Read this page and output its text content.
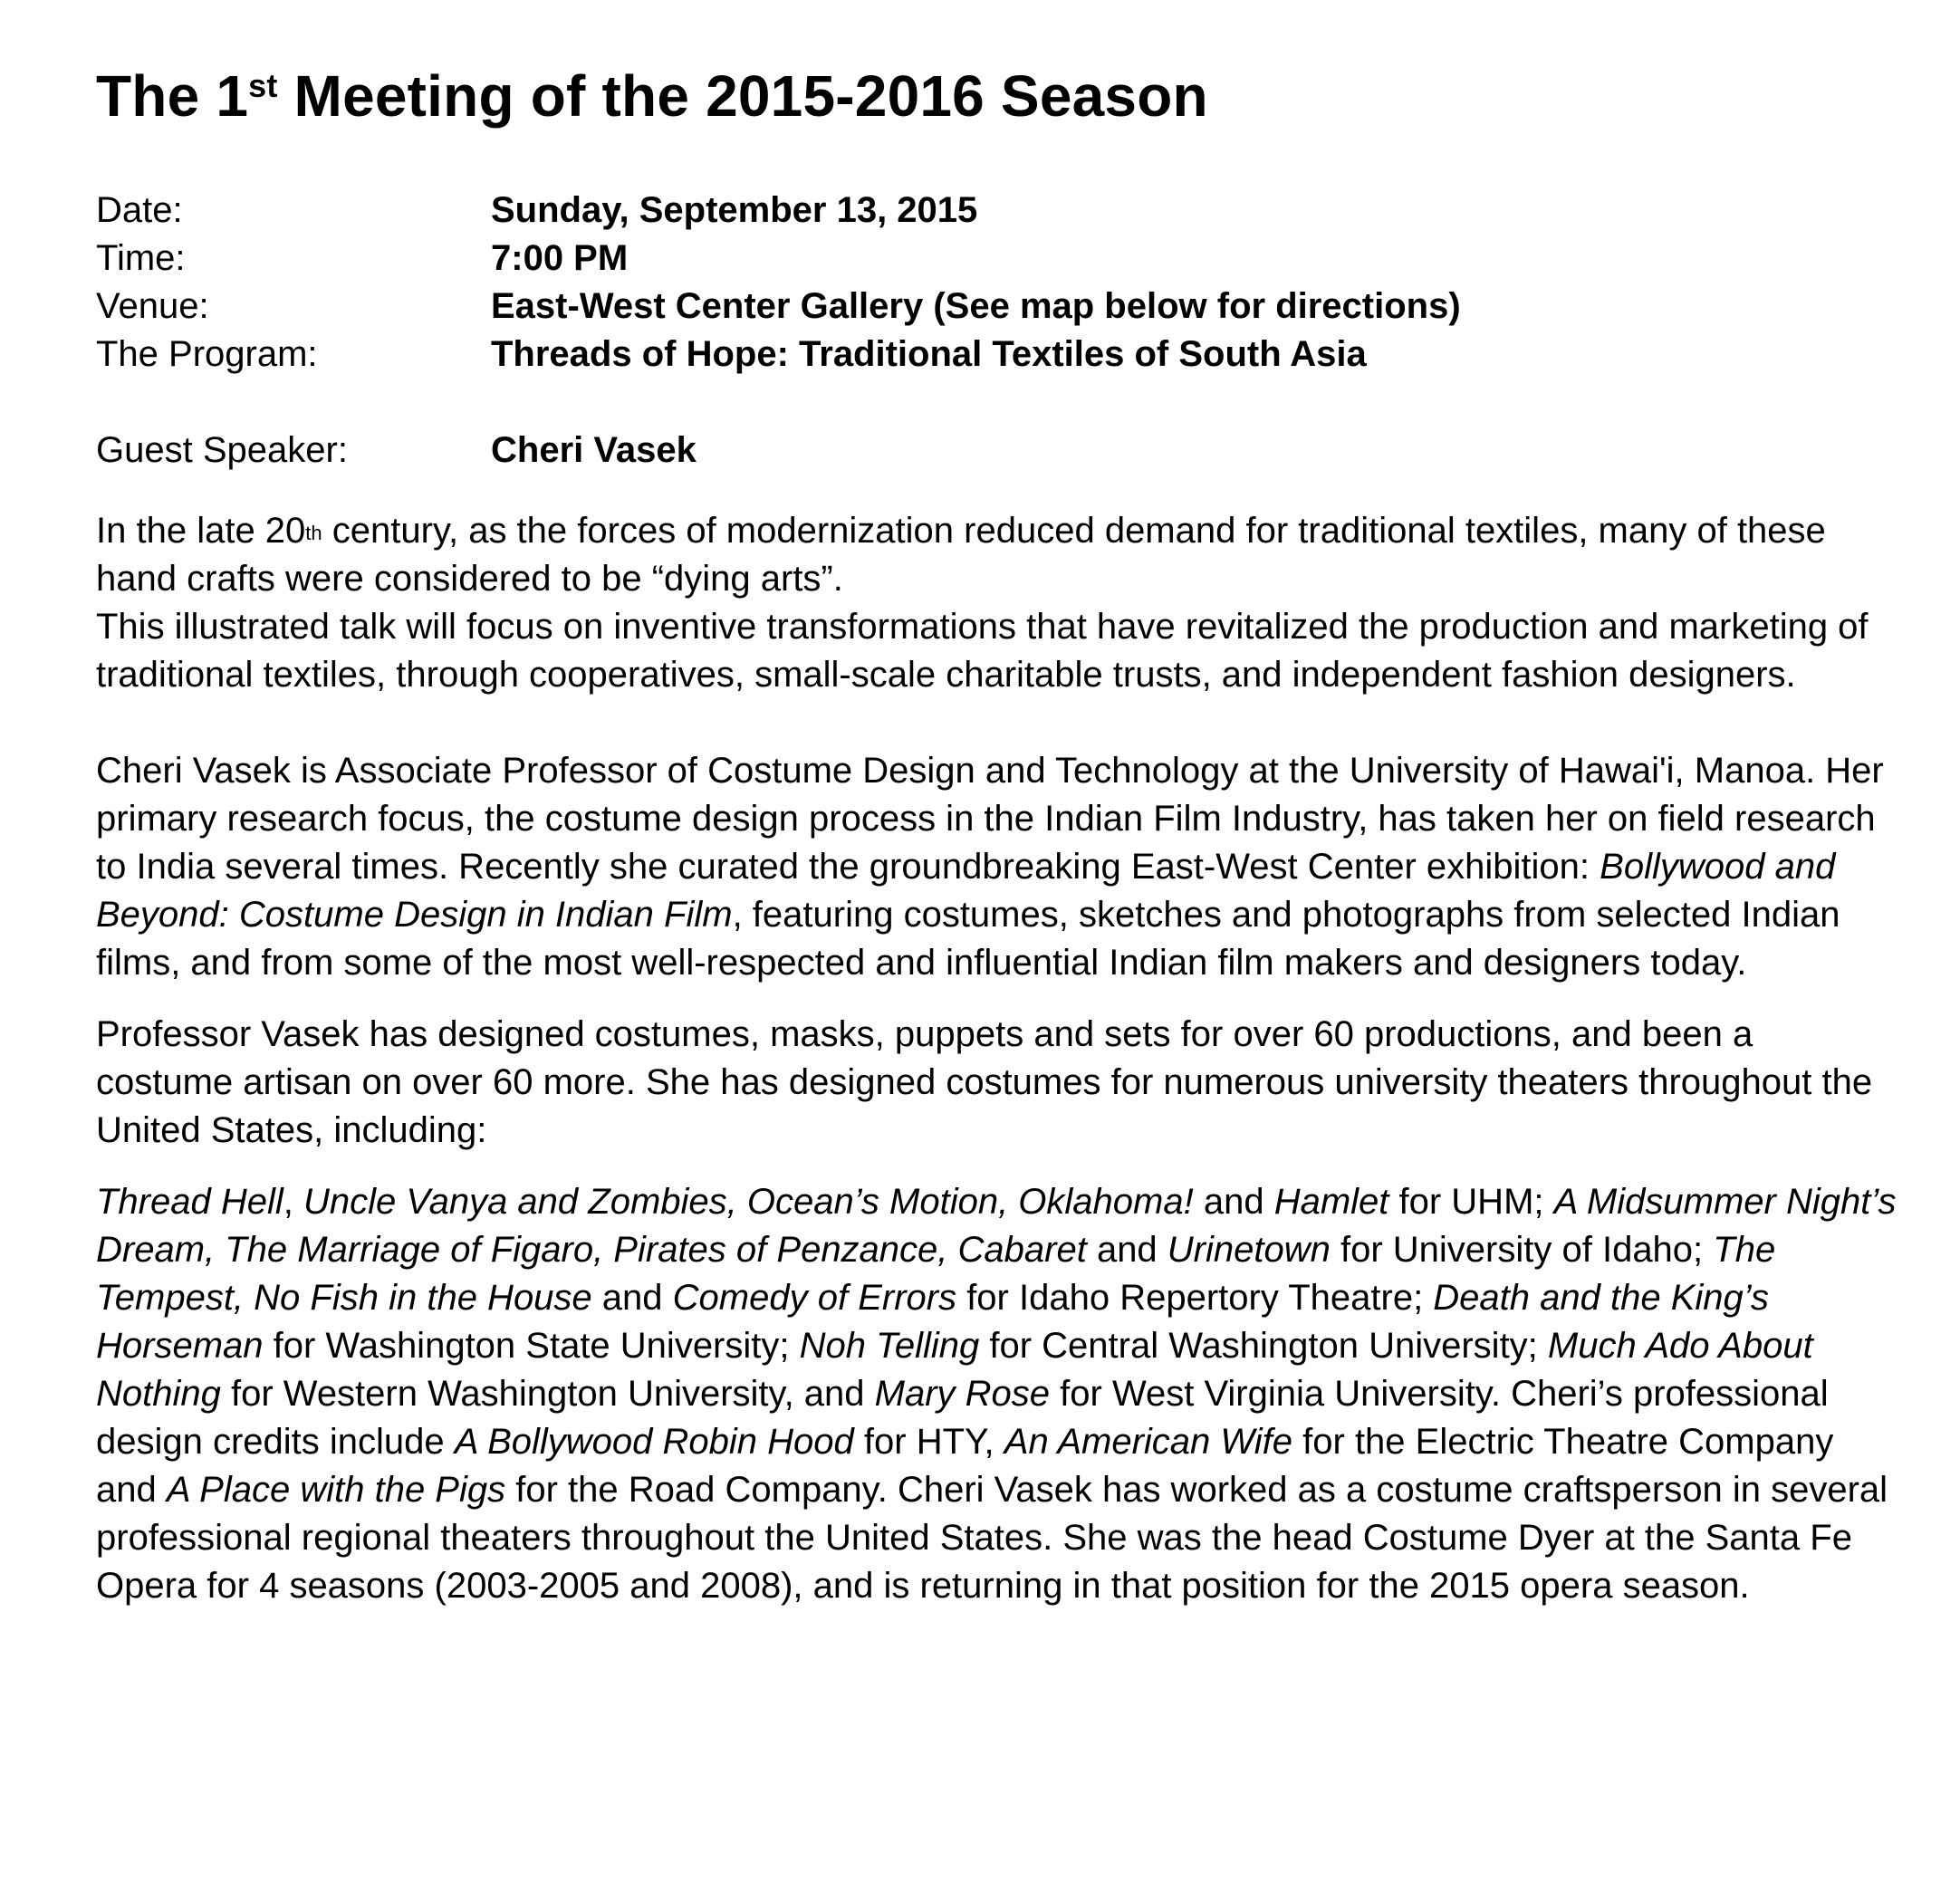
The 1st Meeting of the 2015-2016 Season
Date:	Sunday, September 13, 2015
Time:	7:00 PM
Venue:	East-West Center Gallery (See map below for directions)
The Program:	Threads of Hope: Traditional Textiles of South Asia
Guest Speaker:	Cheri Vasek

In the late 20th century, as the forces of modernization reduced demand for traditional textiles, many of these hand crafts were considered to be “dying arts”.
This illustrated talk will focus on inventive transformations that have revitalized the production and marketing of traditional textiles, through cooperatives, small-scale charitable trusts, and independent fashion designers.

Cheri Vasek is Associate Professor of Costume Design and Technology at the University of Hawai'i, Manoa. Her primary research focus, the costume design process in the Indian Film Industry, has taken her on field research to India several times. Recently she curated the groundbreaking East-West Center exhibition: Bollywood and Beyond: Costume Design in Indian Film, featuring costumes, sketches and photographs from selected Indian films, and from some of the most well-respected and influential Indian film makers and designers today.

Professor Vasek has designed costumes, masks, puppets and sets for over 60 productions, and been a costume artisan on over 60 more. She has designed costumes for numerous university theaters throughout the United States, including:

Thread Hell, Uncle Vanya and Zombies, Ocean’s Motion, Oklahoma! and Hamlet for UHM; A Midsummer Night’s Dream, The Marriage of Figaro, Pirates of Penzance, Cabaret and Urinetown for University of Idaho; The Tempest, No Fish in the House and Comedy of Errors for Idaho Repertory Theatre; Death and the King’s Horseman for Washington State University; Noh Telling for Central Washington University; Much Ado About Nothing for Western Washington University, and Mary Rose for West Virginia University. Cheri’s professional design credits include A Bollywood Robin Hood for HTY, An American Wife for the Electric Theatre Company and A Place with the Pigs for the Road Company. Cheri Vasek has worked as a costume craftsperson in several professional regional theaters throughout the United States. She was the head Costume Dyer at the Santa Fe Opera for 4 seasons (2003-2005 and 2008), and is returning in that position for the 2015 opera season.
